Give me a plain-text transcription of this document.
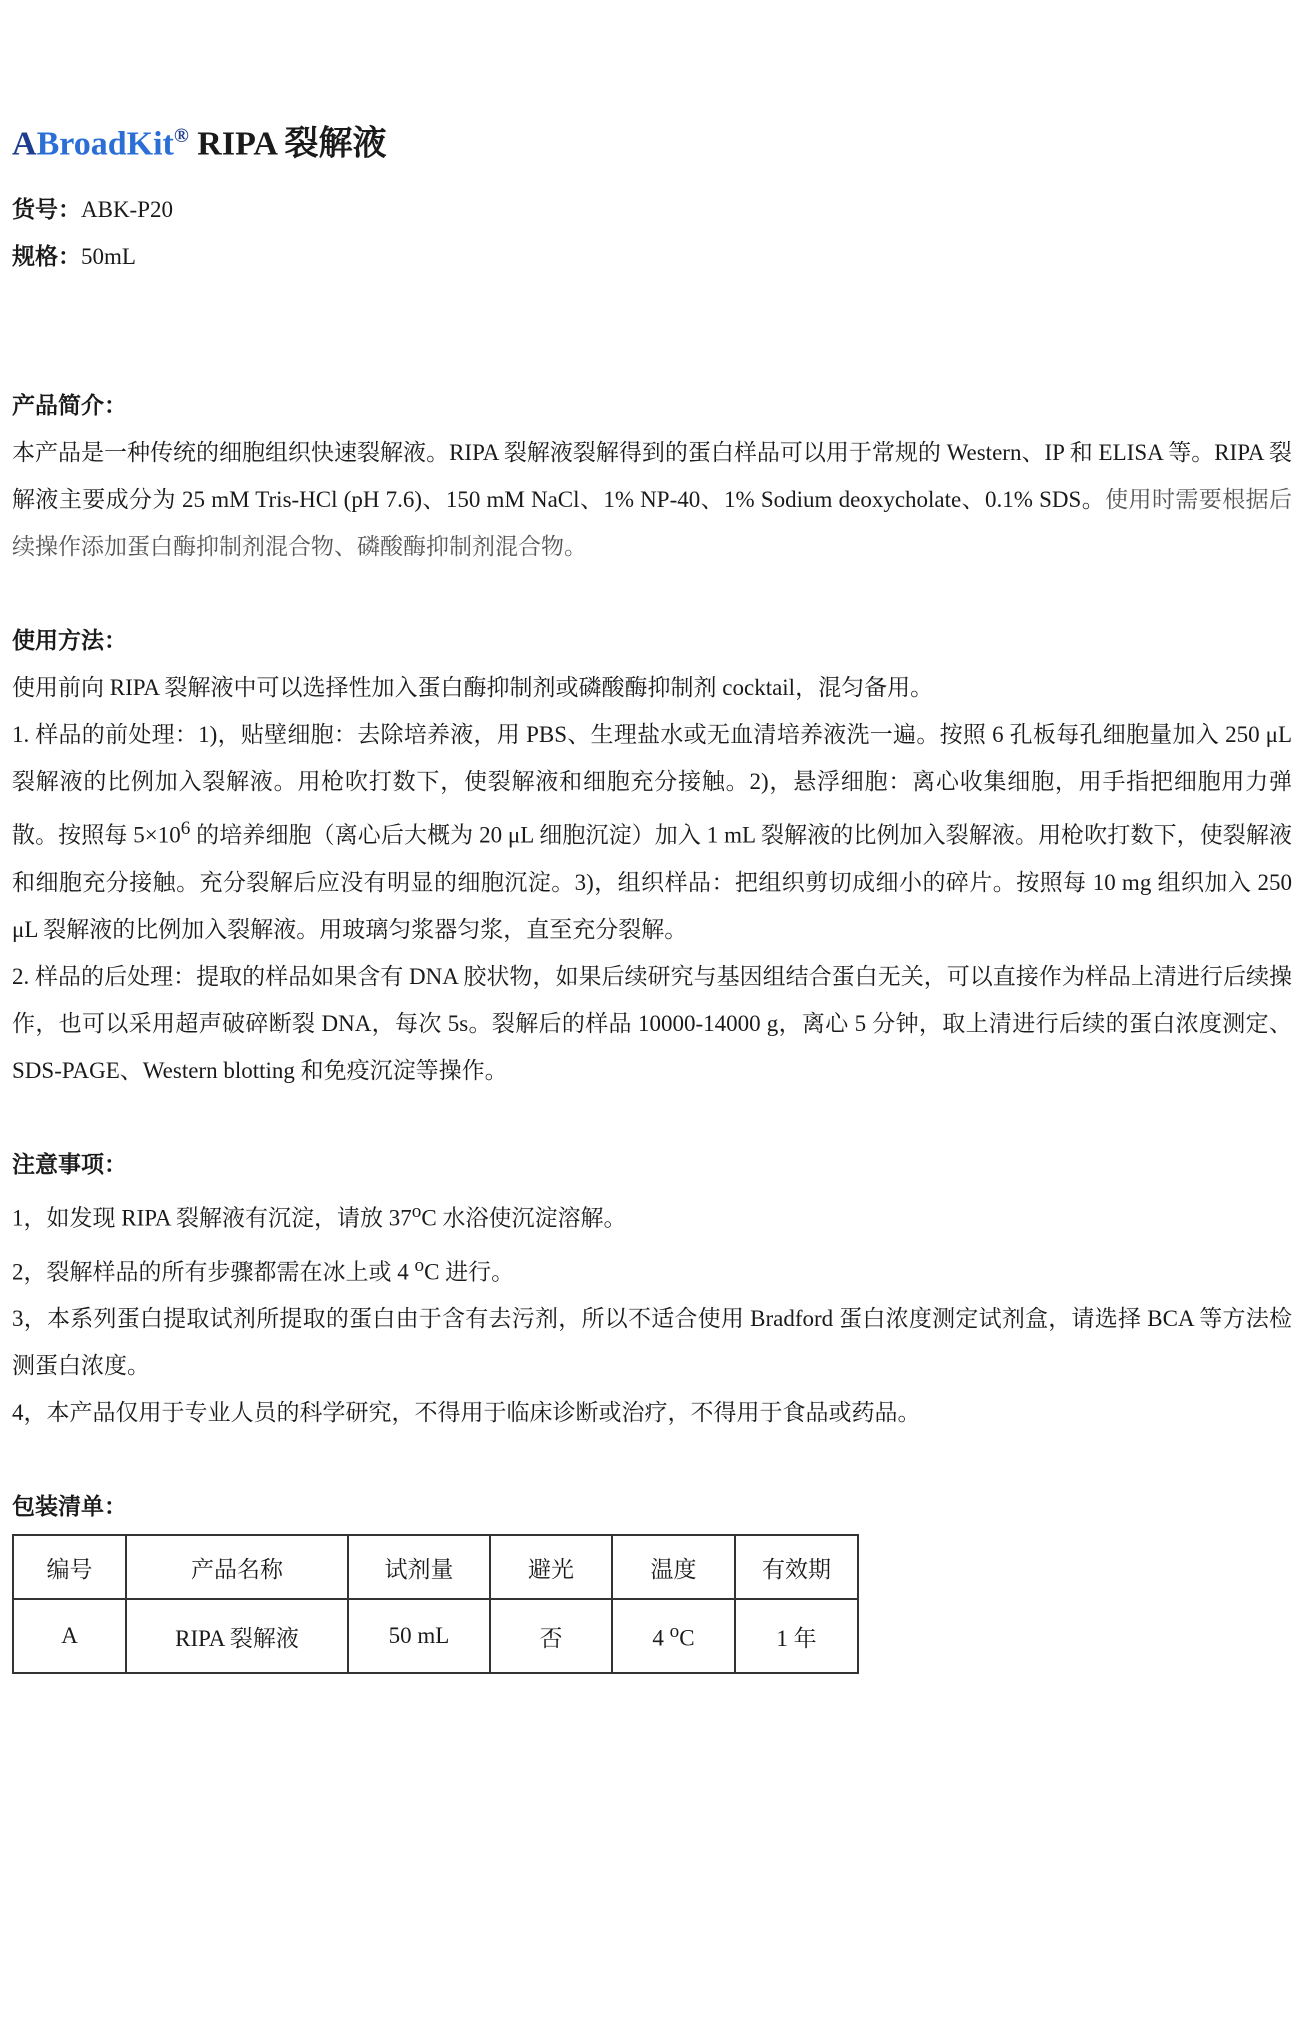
ABroadKit® RIPA 裂解液
货号：ABK-P20
规格：50mL
产品简介：

本产品是一种传统的细胞组织快速裂解液。RIPA 裂解液裂解得到的蛋白样品可以用于常规的 Western、IP 和 ELISA 等。RIPA 裂解液主要成分为 25 mM Tris-HCl (pH 7.6)、150 mM NaCl、1% NP-40、1% Sodium deoxycholate、0.1% SDS。使用时需要根据后续操作添加蛋白酶抑制剂混合物、磷酸酶抑制剂混合物。

使用方法：

使用前向 RIPA 裂解液中可以选择性加入蛋白酶抑制剂或磷酸酶抑制剂 cocktail，混匀备用。

1. 样品的前处理：1)，贴壁细胞：去除培养液，用 PBS、生理盐水或无血清培养液洗一遍。按照 6 孔板每孔细胞量加入 250 μL 裂解液的比例加入裂解液。用枪吹打数下，使裂解液和细胞充分接触。2)，悬浮细胞：离心收集细胞，用手指把细胞用力弹散。按照每 $5\times 10^6$ 的培养细胞（离心后大概为 20 μL 细胞沉淀）加入 1 mL 裂解液的比例加入裂解液。用枪吹打数下，使裂解液和细胞充分接触。充分裂解后应没有明显的细胞沉淀。3)，组织样品：把组织剪切成细小的碎片。按照每 10 mg 组织加入 250 μL 裂解液的比例加入裂解液。用玻璃匀浆器匀浆，直至充分裂解。

2. 样品的后处理：提取的样品如果含有 DNA 胶状物，如果后续研究与基因组结合蛋白无关，可以直接作为样品上清进行后续操作，也可以采用超声破碎断裂 DNA，每次 5s。裂解后的样品 10000-14000 g，离心 5 分钟，取上清进行后续的蛋白浓度测定、SDS-PAGE、Western blotting 和免疫沉淀等操作。

注意事项：

1，如发现 RIPA 裂解液有沉淀，请放 37$^o$C 水浴使沉淀溶解。

2，裂解样品的所有步骤都需在冰上或 4 $^o$C 进行。

3，本系列蛋白提取试剂所提取的蛋白由于含有去污剂，所以不适合使用 Bradford 蛋白浓度测定试剂盒，请选择 BCA 等方法检测蛋白浓度。

4，本产品仅用于专业人员的科学研究，不得用于临床诊断或治疗，不得用于食品或药品。

包装清单：
编号	产品名称	试剂量	避光	温度	有效期
A	RIPA 裂解液	50 mL	否	4 $^o$C	1 年
